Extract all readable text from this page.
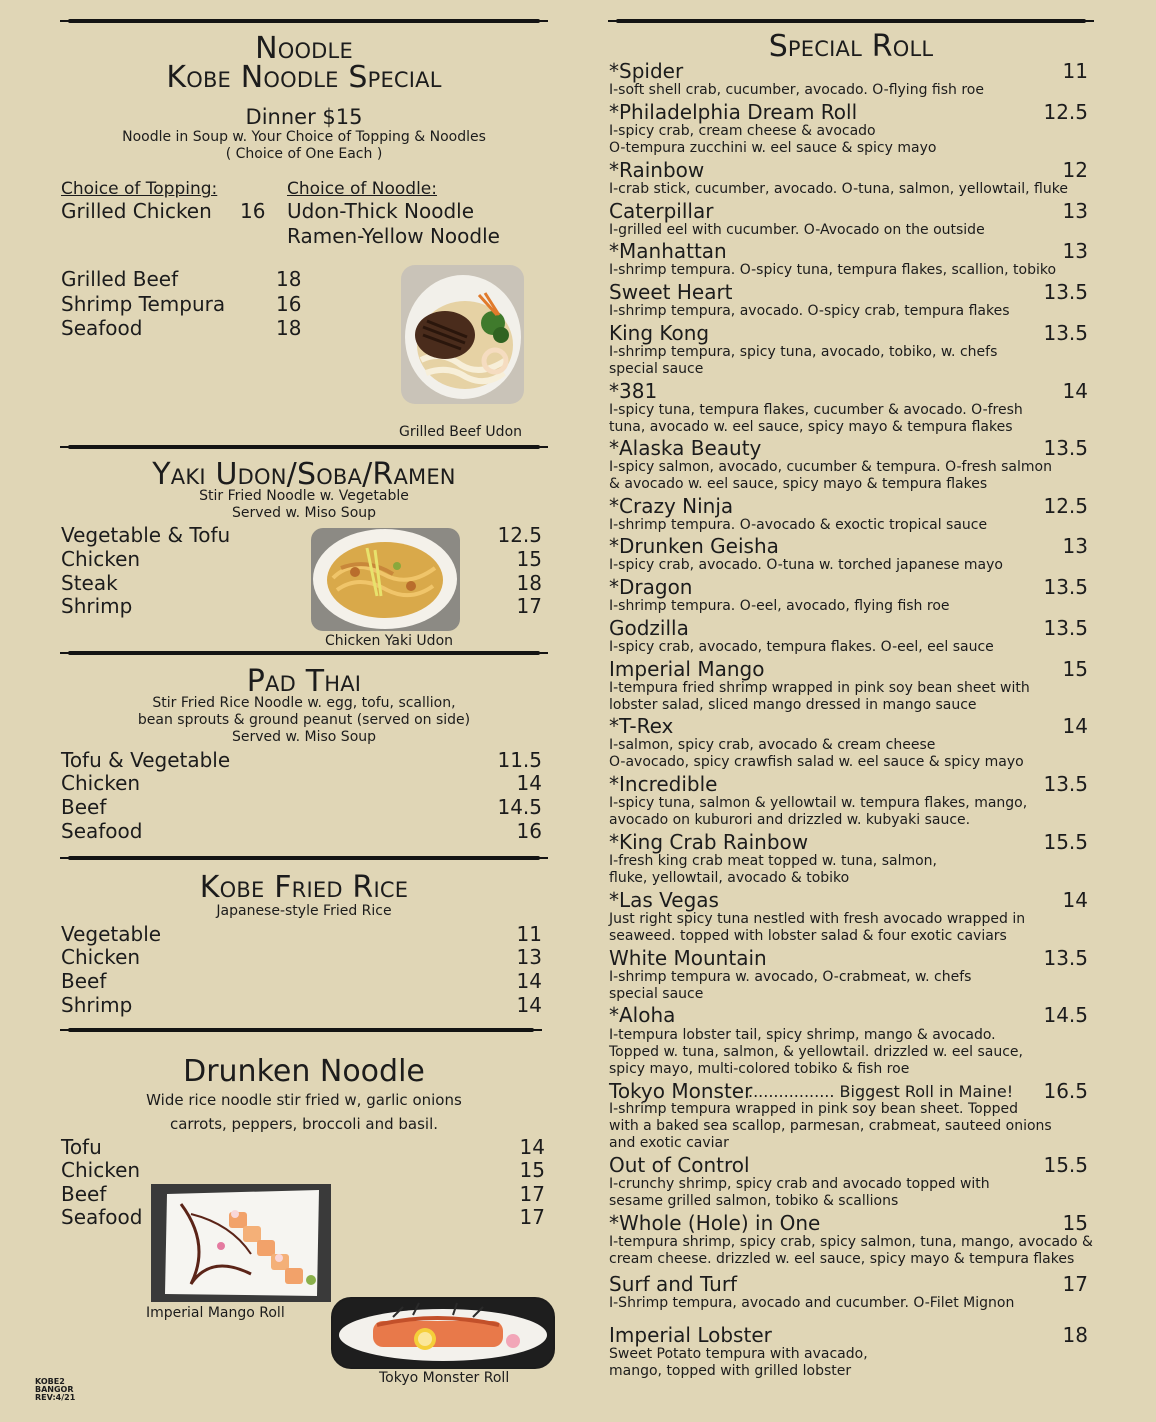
Noodle
Kobe Noodle Special
Dinner $15
Noodle in Soup w. Your Choice of Topping & Noodles
( Choice of One Each )
Choice of Topping:	Choice of Noodle:
Grilled Chicken 16 Udon-Thick Noodle
Ramen-Yellow Noodle
Grilled Beef	18
Shrimp Tempura	16
Seafood	18
Grilled Beef Udon
Yaki Udon/Soba/Ramen
Stir Fried Noodle w. Vegetable
Served w. Miso Soup
Vegetable & Tofu	12.5
Chicken	15
Steak	18
Shrimp	17
Chicken Yaki Udon
Pad Thai
Stir Fried Rice Noodle w. egg, tofu, scallion,
bean sprouts & ground peanut (served on side)
Served w. Miso Soup
Tofu & Vegetable	11.5
Chicken	14
Beef	14.5
Seafood	16
Kobe Fried Rice
Japanese-style Fried Rice
Vegetable	11
Chicken	13
Beef	14
Shrimp	14
Drunken Noodle
Wide rice noodle stir fried w, garlic onions
carrots, peppers, broccoli and basil.
Tofu	14
Chicken	15
Beef	17
Seafood	17
Imperial Mango Roll
Tokyo Monster Roll
KOBE2
BANGOR
REV:4/21
Special Roll
*Spider	11
I-soft shell crab, cucumber, avocado. O-flying fish roe
*Philadelphia Dream Roll	12.5
I-spicy crab, cream cheese & avocado
O-tempura zucchini w. eel sauce & spicy mayo
*Rainbow	12
I-crab stick, cucumber, avocado. O-tuna, salmon, yellowtail, fluke
Caterpillar	13
I-grilled eel with cucumber. O-Avocado on the outside
*Manhattan	13
I-shrimp tempura. O-spicy tuna, tempura flakes, scallion, tobiko
Sweet Heart	13.5
I-shrimp tempura, avocado. O-spicy crab, tempura flakes
King Kong	13.5
I-shrimp tempura, spicy tuna, avocado, tobiko, w. chefs
special sauce
*381	14
I-spicy tuna, tempura flakes, cucumber & avocado. O-fresh
tuna, avocado w. eel sauce, spicy mayo & tempura flakes
*Alaska Beauty	13.5
I-spicy salmon, avocado, cucumber & tempura. O-fresh salmon
& avocado w. eel sauce, spicy mayo & tempura flakes
*Crazy Ninja	12.5
I-shrimp tempura. O-avocado & exoctic tropical sauce
*Drunken Geisha	13
I-spicy crab, avocado. O-tuna w. torched japanese mayo
*Dragon	13.5
I-shrimp tempura. O-eel, avocado, flying fish roe
Godzilla	13.5
I-spicy crab, avocado, tempura flakes. O-eel, eel sauce
Imperial Mango	15
I-tempura fried shrimp wrapped in pink soy bean sheet with
lobster salad, sliced mango dressed in mango sauce
*T-Rex	14
I-salmon, spicy crab, avocado & cream cheese
O-avocado, spicy crawfish salad w. eel sauce & spicy mayo
*Incredible	13.5
I-spicy tuna, salmon & yellowtail w. tempura flakes, mango,
avocado on kuburori and drizzled w. kubyaki sauce.
*King Crab Rainbow	15.5
I-fresh king crab meat topped w. tuna, salmon,
fluke, yellowtail, avocado & tobiko
*Las Vegas	14
Just right spicy tuna nestled with fresh avocado wrapped in
seaweed. topped with lobster salad & four exotic caviars
White Mountain	13.5
I-shrimp tempura w. avocado, O-crabmeat, w. chefs
special sauce
*Aloha	14.5
I-tempura lobster tail, spicy shrimp, mango & avocado.
Topped w. tuna, salmon, & yellowtail. drizzled w. eel sauce,
spicy mayo, multi-colored tobiko & fish roe
Tokyo Monster
................. Biggest Roll in Maine!	16.5
I-shrimp tempura wrapped in pink soy bean sheet. Topped
with a baked sea scallop, parmesan, crabmeat, sauteed onions
and exotic caviar
Out of Control	15.5
I-crunchy shrimp, spicy crab and avocado topped with
sesame grilled salmon, tobiko & scallions
*Whole (Hole) in One	15
I-tempura shrimp, spicy crab, spicy salmon, tuna, mango, avocado &
cream cheese. drizzled w. eel sauce, spicy mayo & tempura flakes
Surf and Turf	17
I-Shrimp tempura, avocado and cucumber. O-Filet Mignon
Imperial Lobster	18
Sweet Potato tempura with avacado,
mango, topped with grilled lobster
